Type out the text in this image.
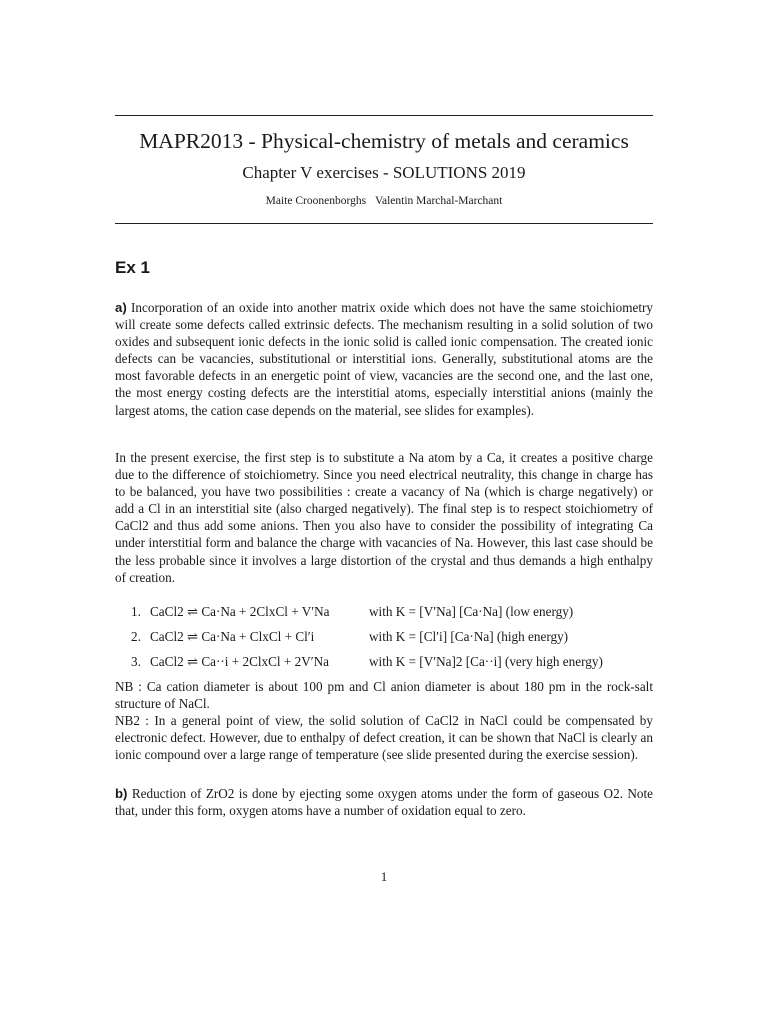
MAPR2013 - Physical-chemistry of metals and ceramics
Chapter V exercises - SOLUTIONS 2019
Maite Croonenborghs Valentin Marchal-Marchant
Ex 1

a) Incorporation of an oxide into another matrix oxide which does not have the same stoichiometry will create some defects called extrinsic defects. The mechanism resulting in a solid solution of two oxides and subsequent ionic defects in the ionic solid is called ionic compensation. The created ionic defects can be vacancies, substitutional or interstitial ions. Generally, substitutional atoms are the most favorable defects in an energetic point of view, vacancies are the second one, and the last one, the most energy costing defects are the interstitial atoms, especially interstitial anions (mainly the largest atoms, the cation case depends on the material, see slides for examples).

In the present exercise, the first step is to substitute a Na atom by a Ca, it creates a positive charge due to the difference of stoichiometry. Since you need electrical neutrality, this change in charge has to be balanced, you have two possibilities : create a vacancy of Na (which is charge negatively) or add a Cl in an interstitial site (also charged negatively). The final step is to respect stoichiometry of CaCl2 and thus add some anions. Then you also have to consider the possibility of integrating Ca under interstitial form and balance the charge with vacancies of Na. However, this last case should be the less probable since it involves a large distortion of the crystal and thus demands a high enthalpy of creation.

1. CaCl2 ⇌ Ca·Na + 2ClxCl + V′Na	with K = [V′Na] [Ca·Na] (low energy)
2. CaCl2 ⇌ Ca·Na + ClxCl + Cl′i	with K = [Cl′i] [Ca·Na] (high energy)
3. CaCl2 ⇌ Ca··i + 2ClxCl + 2V′Na	with K = [V′Na]2 [Ca··i] (very high energy)

NB : Ca cation diameter is about 100 pm and Cl anion diameter is about 180 pm in the rock-salt structure of NaCl.

NB2 : In a general point of view, the solid solution of CaCl2 in NaCl could be compensated by electronic defect. However, due to enthalpy of defect creation, it can be shown that NaCl is clearly an ionic compound over a large range of temperature (see slide presented during the exercise session).

b) Reduction of ZrO2 is done by ejecting some oxygen atoms under the form of gaseous O2. Note that, under this form, oxygen atoms have a number of oxidation equal to zero.

1
